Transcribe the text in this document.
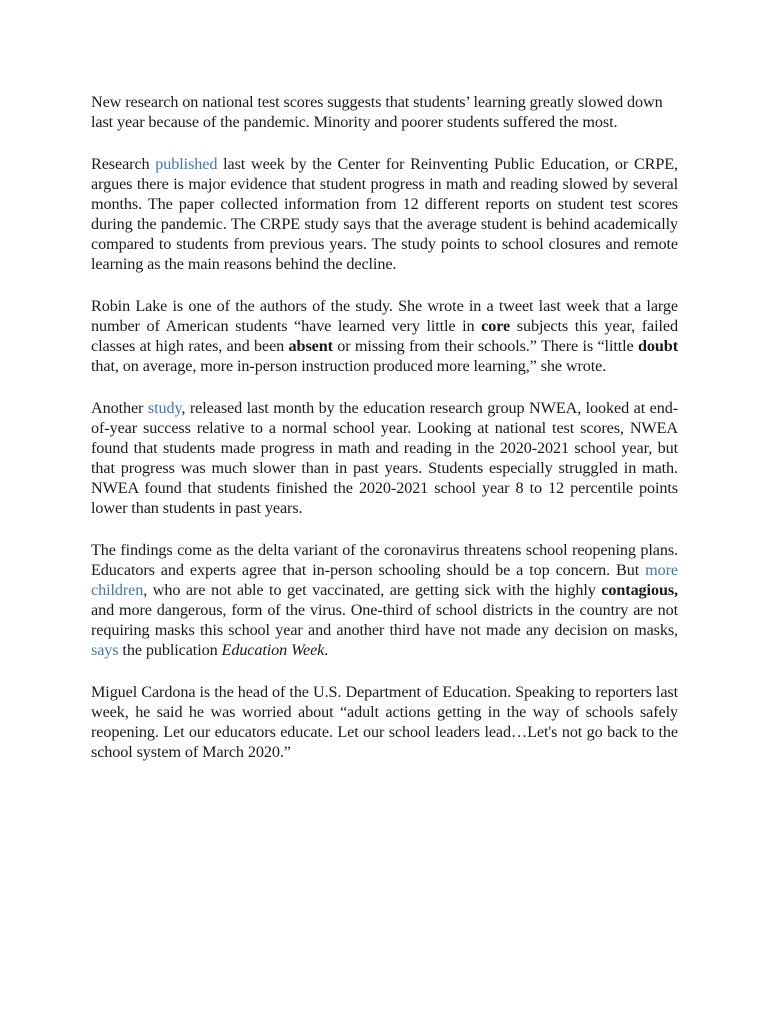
New research on national test scores suggests that students’ learning greatly slowed down last year because of the pandemic. Minority and poorer students suffered the most.

Research published last week by the Center for Reinventing Public Education, or CRPE, argues there is major evidence that student progress in math and reading slowed by several months. The paper collected information from 12 different reports on student test scores during the pandemic. The CRPE study says that the average student is behind academically compared to students from previous years. The study points to school closures and remote learning as the main reasons behind the decline.

Robin Lake is one of the authors of the study. She wrote in a tweet last week that a large number of American students “have learned very little in core subjects this year, failed classes at high rates, and been absent or missing from their schools.” There is “little doubt that, on average, more in-person instruction produced more learning,” she wrote.

Another study, released last month by the education research group NWEA, looked at end-of-year success relative to a normal school year. Looking at national test scores, NWEA found that students made progress in math and reading in the 2020-2021 school year, but that progress was much slower than in past years. Students especially struggled in math. NWEA found that students finished the 2020-2021 school year 8 to 12 percentile points lower than students in past years.

The findings come as the delta variant of the coronavirus threatens school reopening plans. Educators and experts agree that in-person schooling should be a top concern. But more children, who are not able to get vaccinated, are getting sick with the highly contagious, and more dangerous, form of the virus. One-third of school districts in the country are not requiring masks this school year and another third have not made any decision on masks, says the publication Education Week.

Miguel Cardona is the head of the U.S. Department of Education. Speaking to reporters last week, he said he was worried about “adult actions getting in the way of schools safely reopening. Let our educators educate. Let our school leaders lead…Let's not go back to the school system of March 2020.”
